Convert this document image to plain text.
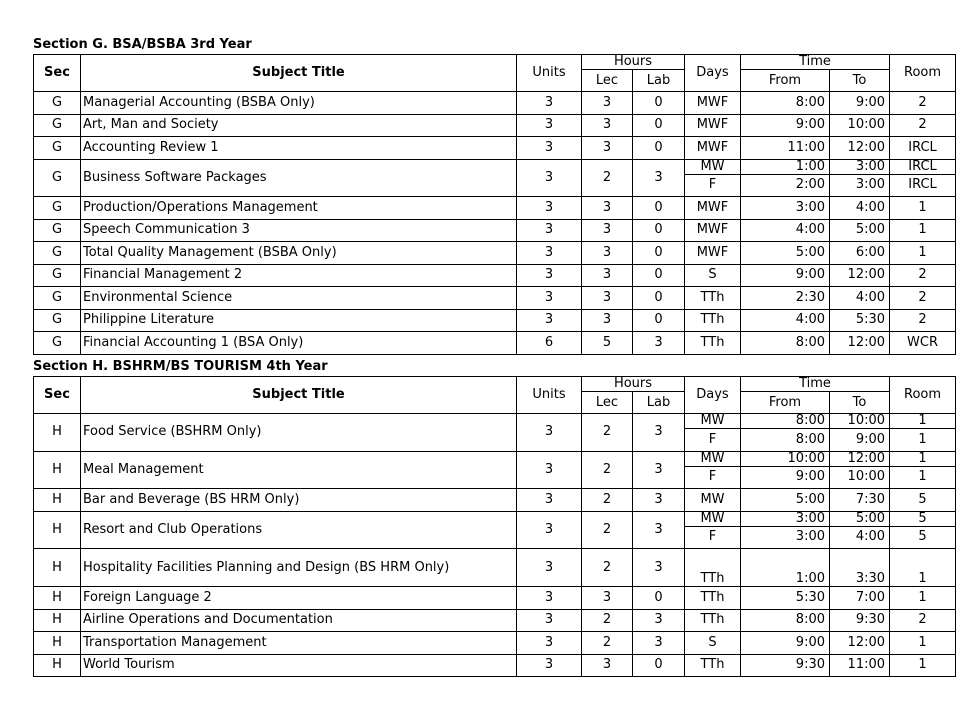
Section G. BSA/BSBA 3rd Year
Sec	Subject Title	Units	Hours		Days	Time		Room
			Lec	Lab		From	To	
G	Managerial Accounting (BSBA Only)	3	3	0	MWF	8:00	9:00	2
G	Art, Man and Society	3	3	0	MWF	9:00	10:00	2
G	Accounting Review 1	3	3	0	MWF	11:00	12:00	IRCL
G	Business Software Packages	3	2	3	MW	1:00	3:00	IRCL
					F	2:00	3:00	IRCL
G	Production/Operations Management	3	3	0	MWF	3:00	4:00	1
G	Speech Communication 3	3	3	0	MWF	4:00	5:00	1
G	Total Quality Management (BSBA Only)	3	3	0	MWF	5:00	6:00	1
G	Financial Management 2	3	3	0	S	9:00	12:00	2
G	Environmental Science	3	3	0	TTh	2:30	4:00	2
G	Philippine Literature	3	3	0	TTh	4:00	5:30	2
G	Financial Accounting 1 (BSA Only)	6	5	3	TTh	8:00	12:00	WCR
Section H. BSHRM/BS TOURISM 4th Year
Sec	Subject Title	Units	Hours		Days	Time		Room
			Lec	Lab		From	To	
H	Food Service (BSHRM Only)	3	2	3	MW	8:00	10:00	1
					F	8:00	9:00	1
H	Meal Management	3	2	3	MW	10:00	12:00	1
					F	9:00	10:00	1
H	Bar and Beverage (BS HRM Only)	3	2	3	MW	5:00	7:30	5
H	Resort and Club Operations	3	2	3	MW	3:00	5:00	5
					F	3:00	4:00	5
H	Hospitality Facilities Planning and Design (BS HRM Only)	3	2	3	TTh	1:00	3:30	1
H	Foreign Language 2	3	3	0	TTh	5:30	7:00	1
H	Airline Operations and Documentation	3	2	3	TTh	8:00	9:30	2
H	Transportation Management	3	2	3	S	9:00	12:00	1
H	World Tourism	3	3	0	TTh	9:30	11:00	1
